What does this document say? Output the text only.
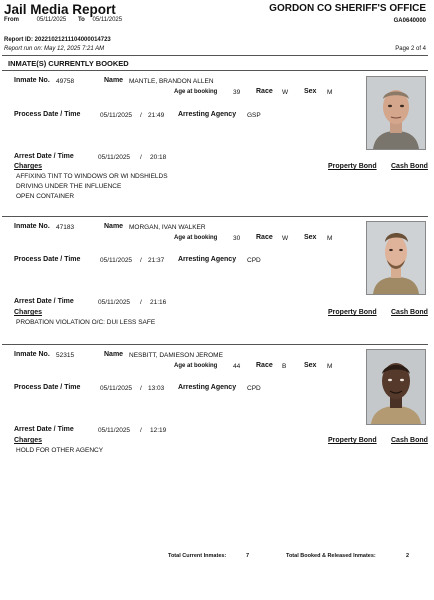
Jail Media Report
From	05/11/2025 To 05/11/2025
GORDON CO SHERIFF'S OFFICE
GA0640000
Report ID: 20221021211104000014723
Report run on: May 12, 2025 7:21 AM	Page 2 of 4
INMATE(S) CURRENTLY BOOKED
Inmate No. 49758	Name MANTLE, BRANDON ALLEN
Age at booking 39 Race W Sex M
Process Date / Time	05/11/2025 / 21:49 Arresting Agency GSP
Arrest Date / Time	05/11/2025 / 20:18
Charges	Property Bond Cash Bond
AFFIXING TINT TO WINDOWS OR WI NDSHIELDS
DRIVING UNDER THE INFLUENCE
OPEN CONTAINER
Inmate No. 47183	Name MORGAN, IVAN WALKER
Age at booking 30 Race W Sex M
Process Date / Time	05/11/2025 / 21:37 Arresting Agency CPD
Arrest Date / Time	05/11/2025 / 21:16
Charges	Property Bond Cash Bond
PROBATION VIOLATION O/C: DUI LESS SAFE
Inmate No. 52315	Name NESBITT, DAMIESON JEROME
Age at booking 44 Race B	Sex M
Process Date / Time	05/11/2025 / 13:03 Arresting Agency CPD
Arrest Date / Time	05/11/2025 / 12:19
Charges	Property Bond Cash Bond
HOLD FOR OTHER AGENCY
Total Current Inmates:	7	Total Booked & Released Inmates:	2
